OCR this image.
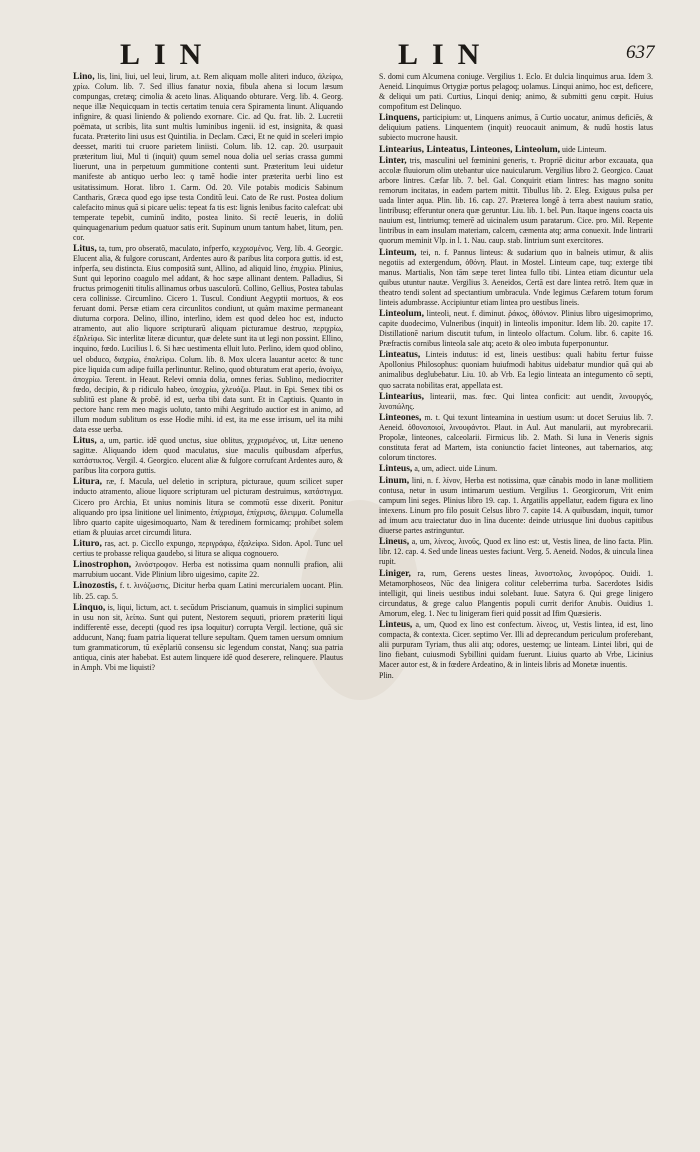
LIN	LIN	637

Lino, lis, lini, liui, uel leui, lirum, a.t. Rem aliquam molle aliteri induco, ἀλείφω, χρίω. Colum. lib. 7. Sed illius fanatur noxia, fibula ahena si locum læsum compungas, cretæq; cimolia & aceto linas. Aliquando obturare. Verg. lib. 4. Georg. neque illæ Nequicquam in tectis certatim tenuia cera Spiramenta linunt. Aliquando infignire, & quasi liniendo & poliendo exornare. Cic. ad Qu. frat. lib. 2. Lucretii poëmata, ut scribis, lita sunt multis luminibus ingenii. id est, insignita, & quasi fucata. Præterito lini usus est Quintilia. in Declam. Cæci, Et ne quid in sceleri impio deesset, mariti tui cruore parietem liniisti. Colum. lib. 12. cap. 20. usurpauit præteritum liui, Mul ti (inquit) quum semel noua dolia uel serias crassa gummi liuerunt, una in perpetuum gummitione contenti sunt. Præteritum leui uidetur manifeste ab antiquo uerbo leo: ǫ tamē hodie inter præterita uerbi lino est usitatissimum. Horat. libro 1. Carm. Od. 20. Vile potabis modicis Sabinum Cantharis, Græca quod ego ipse testa Conditū leui. Cato de Re rust. Postea dolium calefacito minus quā si picare uelis: tepeat fa tis est: lignis lenibus facito calefcat: ubi temperate tepebit, cuminū indito, postea linito. Si rectē leueris, in doliū quinquagenarium pedum quatuor satis erit. Supinum unum tantum habet, litum, pen. cor.

Litus, ta, tum, pro obseratō, maculato, infperfo, κεχρισμένος. Verg. lib. 4. Georgic. Elucent alia, & fulgore coruscant, Ardentes auro & paribus lita corpora guttis. id est, infperfa, seu distincta. Eius compositā sunt, Allino, ad aliquid lino, ἐπιχρίω. Plinius, Sunt qui leporino coagulo mel addant, & hoc sæpe allinant dentem. Palladius, Si fructus primogeniti titulis allinamus orbus uasculorū. Collino, Gellius, Postea tabulas cera collinisse. Circumlino. Cicero 1. Tuscul. Condiunt Aegyptii mortuos, & eos feruant domi. Persæ etiam cera circunlitos condiunt, ut quàm maxime permaneant diuturna corpora. Delino, illino, interlino, idem est quod deleo hoc est, inducto atramento, aut alio liquore scripturarū aliquam picturamue destruo, περιχρίω, ἐξαλείφω. Sic interlitæ literæ dicuntur, quæ delete sunt ita ut legi non possint. Ellino, inquino, fœdo. Lucilius l. 6. Si hæc uestimenta elluit luto. Perlino, idem quod oblino, uel obduco, διαχρίω, ἐπαλείφω. Colum. lib. 8. Mox ulcera lauantur aceto: & tunc pice liquida cum adipe fuilla perlinuntur. Relino, quod obturatum erat aperio, ἀνοίγω, ἀποχρίω. Terent. in Heaut. Relevi omnia dolia, omnes ferias. Sublino, mediocriter fœdo, decipio, & p ridiculo habeo, ὑποχρίω, χλευάζω. Plaut. in Epi. Senex tibi os sublitū est plane & probē. id est, uerba tibi data sunt. Et in Captiuis. Quanto in pectore hanc rem meo magis uoluto, tanto mihi Aegritudo auctior est in animo, ad illum modum sublitum os esse Hodie mihi. id est, ita me esse irrisum, uel ita mihi data esse uerba.

Litus, a, um, partic. idē quod unctus, siue oblitus, χεχρισμένος, ut, Litæ ueneno sagittæ. Aliquando idem quod maculatus, siue maculis quibusdam afperfus, κατάστικτος. Vergil. 4. Georgico. elucent aliæ & fulgore corrufcant Ardentes auro, & paribus lita corpora guttis.

Litura, ræ, f. Macula, uel deletio in scriptura, picturaue, quum scilicet super inducto atramento, alioue liquore scripturam uel picturam destruimus, κατάστιγμα. Cicero pro Archia, Et unius nominis litura se commotū esse dixerit. Ponitur aliquando pro ipsa linitione uel linimento, ἐπίχρισμα, ἐπίχρισις, ἄλειμμα. Columella libro quarto capite uigesimoquarto, Nam & teredinem formicamq; prohibet solem etiam & pluuias arcet circumdi litura.

Lituro, ras, act. p. Ciccllo expungo, περιγράφω, ἐξαλείφω. Sidon. Apol. Tunc uel certius te probasse reliqua gaudebo, si litura se aliqua cognouero.

Linostrophon, λινόστροφον. Herba est notissima quam nonnulli prafion, alii marrubium uocant. Vide Plinium libro uigesimo, capite 22.

Linozostis, f. t. λινόζωστις, Dicitur herba quam Latini mercurialem uocant. Plin. lib. 25. cap. 5.

Linquo, is, liqui, lictum, act. t. secūdum Priscianum, quamuis in simplici supinum in usu non sit, λείπω. Sunt qui putent, Nestorem sequuti, priorem præteriti liqui indifferentē esse, decepti (quod res ipsa loquitur) corrupta Vergil. lectione, quā sic adducunt, Nanq; fuam patria liquerat tellure sepultam. Quem tamen uersum omnium tum grammaticorum, tū exēplariū consensu sic legendum constat, Nanq; sua patria antiqua, cinis ater habebat. Est autem linquere idē quod deserere, relinquere. Plautus in Amph. Vbi me liquisti?

S. domi cum Alcumena coniuge. Vergilius 1. Eclo. Et dulcia linquimus arua. Idem 3. Aeneid. Linquimus Ortygiæ portus pelagoq; uolamus. Linqui animo, hoc est, deficere, & deliqui um pati. Curtius, Linqui deniq; animo, & submitti genu cœpit. Huius compofitum est Delinquo.

Linquens, participium: ut, Linquens animus, ā Curtio uocatur, animus deficiēs, & deliquium patiens. Linquentem (inquit) reuocauit animum, & nudū hostis latus subiecto mucrone hausit.

Lintearius, Linteatus, Linteones, Linteolum, uide Linteum.

Linter, tris, masculini uel fœminini generis, τ. Propriē dicitur arbor excauata, qua accolæ fluuiorum olim utebantur uice nauicularum. Vergilius libro 2. Georgico. Cauat arbore lintres. Cæfar lib. 7. bel. Gal. Conquirit etiam lintres: has magno sonitu remorum incitatas, in eadem partem mittit. Tibullus lib. 2. Eleg. Exiguus pulsa per uada linter aqua. Plin. lib. 16. cap. 27. Præterea longē à terra abest nauium sratio, lintribusq; efferuntur onera quæ geruntur. Liu. lib. 1. bel. Pun. Itaque ingens coacta uis nauium est, lintriumq; temerē ad uicinalem usum paratarum. Cice. pro. Mil. Repente lintribus in eam insulam materiam, calcem, cæmenta atq; arma conuexit. Inde lintrarii quorum meminit Vlp. in l. 1. Nau. caup. stab. lintrium sunt exercitores.

Linteum, tei, n. f. Pannus linteus: & sudarium quo in balneis utimur, & aliis negotiis ad extergendum, ὀθόνη. Plaut. in Mostel. Linteum cape, tuq; exterge tibi manus. Martialis, Non tām sæpe teret lintea fullo tibi. Lintea etiam dicuntur uela quibus utuntur nautæ. Vergilius 3. Aeneidos, Certā est dare lintea retrō. Item quæ in theatro tendi solent ad spectantium umbracula. Vnde legimus Cæfarem totum forum linteis adumbrasse. Accipiuntur etiam lintea pro uestibus lineis.

Linteolum, linteoli, neut. f. diminut. ῥάκος, ὀθόνιον. Plinius libro uigesimoprimo, capite duodecimo, Vulneribus (inquit) in linteolis imponitur. Idem lib. 20. capite 17. Distillationē narium discutit tufum, in linteolo olfactum. Colum. libr. 6. capite 16. Præfractis cornibus linteola sale atq; aceto & oleo imbuta fuperponuntur.

Linteatus, Linteis indutus: id est, lineis uestibus: quali habitu fertur fuisse Apollonius Philosophus: quoniam huiufmodi habitus uidebatur mundior quā qui ab animalibus deglubebatur. Liu. 10. ab Vrb. Ea legio linteata an integumento cō septi, quo sacrata nobilitas erat, appellata est.

Lintearius, lintearii, mas. fœc. Qui lintea conficit: aut uendit, λινουργός, λινοπώλης.

Linteones, m. t. Qui texunt linteamina in uestium usum: ut docet Seruius lib. 7. Aeneid. ὀθονοποιοί, λινουφάντοι. Plaut. in Aul. Aut manularii, aut myrobrecarii. Propolæ, linteones, calceolarii. Firmicus lib. 2. Math. Si luna in Veneris signis constituta ferat ad Martem, ista coniunctio faciet linteones, aut tabernarios, atq; colorum tinctores.

Linteus, a, um, adiect. uide Linum.

Linum, lini, n. f. λίνον, Herba est notissima, quæ cānabis modo in lanæ mollitiem contusa, netur in usum intimarum uestium. Vergilius 1. Georgicorum, Vrit enim campum lini seges. Plinius libro 19. cap. 1. Argatilis appellatur, eadem figura ex lino intexens. Linum pro filo posuit Celsus libro 7. capite 14. A quibusdam, inquit, tumor ad imum acu traiectatur duo in lina ducente: deinde utriusque lini duobus capitibus diuerse partes astringuntur.

Lineus, a, um, λίνεος, λινοῦς, Quod ex lino est: ut, Vestis linea, de lino facta. Plin. libr. 12. cap. 4. Sed unde lineas uestes faciunt. Verg. 5. Aeneid. Nodos, & uincula linea rupit.

Liniger, ra, rum, Gerens uestes lineas, λινοστολος, λινοφόρος. Ouidi. 1. Metamorphoseos, Nūc dea linigera colitur celeberrima turba. Sacerdotes Isidis intelligit, qui lineis uestibus indui solebant. Iuue. Satyra 6. Qui grege linigero circundatus, & grege caluo Plangentis populi currit derifor Anubis. Ouidius 1. Amorum, eleg. 1. Nec tu linigeram fieri quid possit ad Ifim Quæsieris.

Linteus, a, um, Quod ex lino est confectum. λίνεος, ut, Vestis lintea, id est, lino compacta, & contexta. Cicer. septimo Ver. Illi ad deprecandum periculum proferebant, alii purpuram Tyriam, thus alii atq; odores, uestemq; ue linteam. Lintei libri, qui de lino fiebant, cuiusmodi Sybillini quidam fuerunt. Liuius quarto ab Vrbe, Licinius Macer autor est, & in fœdere Ardeatino, & in linteis libris ad Monetæ inuentis.

Plin.
